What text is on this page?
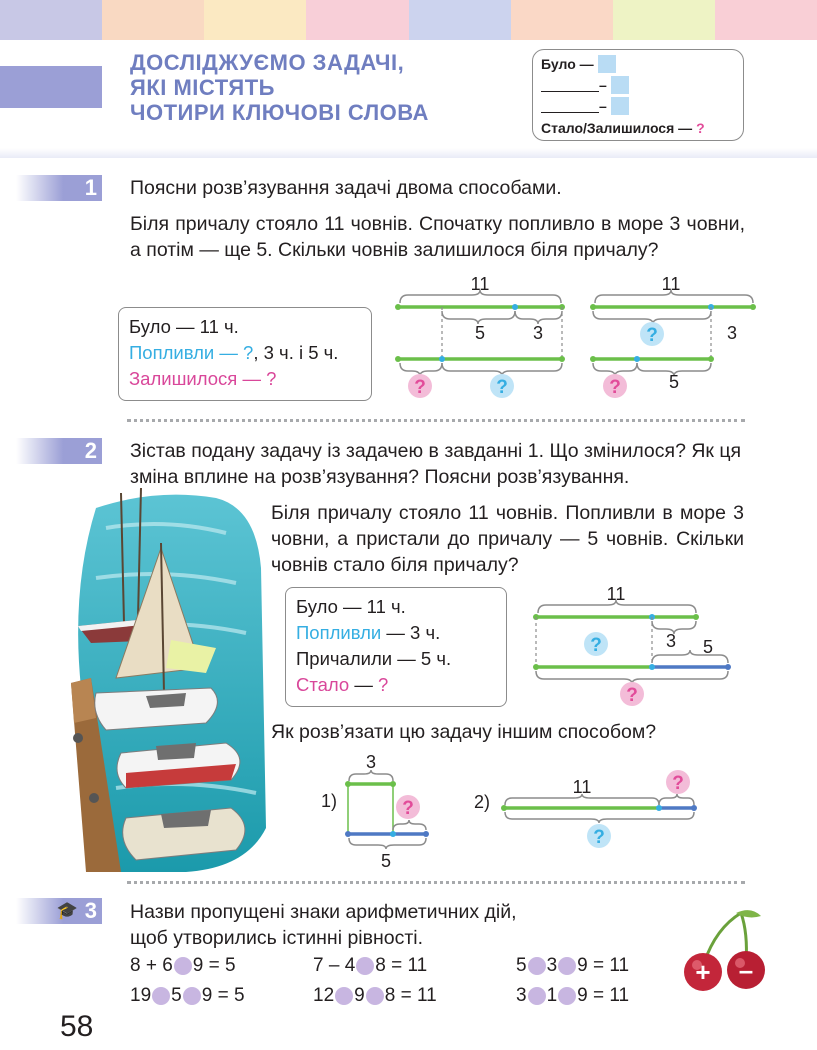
ДОСЛІДЖУЄМО ЗАДАЧІ,
ЯКІ МІСТЯТЬ
ЧОТИРИ КЛЮЧОВІ СЛОВА
Було —
–
–
Стало/Залишилося — ?
1 Поясни розв’язування задачі двома способами.
Біля причалу стояло 11 човнів. Спочатку попливло в море 3 човни, а потім — ще 5. Скільки човнів залишилося біля причалу?
Було — 11 ч.
Попливли — ?, 3 ч. і 5 ч.
Залишилося — ?
11
5	3
?	?
11
?	3
5
?
2 Зістав подану задачу із задачею в завданні 1. Що змінилося? Як ця зміна вплине на розв’язування? Поясни розв’язування.
Біля причалу стояло 11 човнів. Попливли в море 3 човни, а пристали до причалу — 5 човнів. Скільки човнів стало біля причалу?
Було — 11 ч.
Попливли — 3 ч.
Причалили — 5 ч.
Стало — ?
11
?	3 5
?
Як розв’язати цю задачу іншим способом?
1)
3
?
5
2)
11	?
?
🎓 3 Назви пропущені знаки арифметичних дій,
щоб утворились істинні рівності.
8 + 6 9 = 5	7 – 4 8 = 11	5 3 9 = 11
19 5 9 = 5	12 9 8 = 11	3 1 9 = 11
+ –
58
